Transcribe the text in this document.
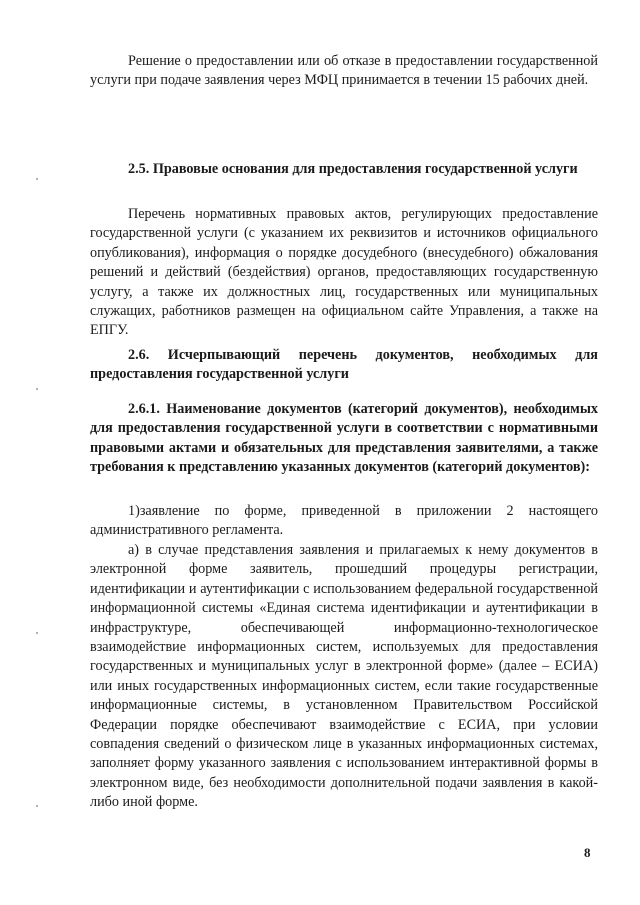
Решение о предоставлении или об отказе в предоставлении государственной услуги при подаче заявления через МФЦ принимается в течении 15 рабочих дней.

2.5. Правовые основания для предоставления государственной услуги

Перечень нормативных правовых актов, регулирующих предоставление государственной услуги (с указанием их реквизитов и источников официального опубликования), информация о порядке досудебного (внесудебного) обжалования решений и действий (бездействия) органов, предоставляющих государственную услугу, а также их должностных лиц, государственных или муниципальных служащих, работников размещен на официальном сайте Управления, а также на ЕПГУ.

2.6. Исчерпывающий перечень документов, необходимых для предоставления государственной услуги

2.6.1. Наименование документов (категорий документов), необходимых для предоставления государственной услуги в соответствии с нормативными правовыми актами и обязательных для представления заявителями, а также требования к представлению указанных документов (категорий документов):

1)заявление по форме, приведенной в приложении 2 настоящего административного регламента.

а) в случае представления заявления и прилагаемых к нему документов в электронной форме заявитель, прошедший процедуры регистрации, идентификации и аутентификации с использованием федеральной государственной информационной системы «Единая система идентификации и аутентификации в инфраструктуре, обеспечивающей информационно-технологическое взаимодействие информационных систем, используемых для предоставления государственных и муниципальных услуг в электронной форме» (далее – ЕСИА) или иных государственных информационных систем, если такие государственные информационные системы, в установленном Правительством Российской Федерации порядке обеспечивают взаимодействие с ЕСИА, при условии совпадения сведений о физическом лице в указанных информационных системах, заполняет форму указанного заявления с использованием интерактивной формы в электронном виде, без необходимости дополнительной подачи заявления в какой-либо иной форме.

8
